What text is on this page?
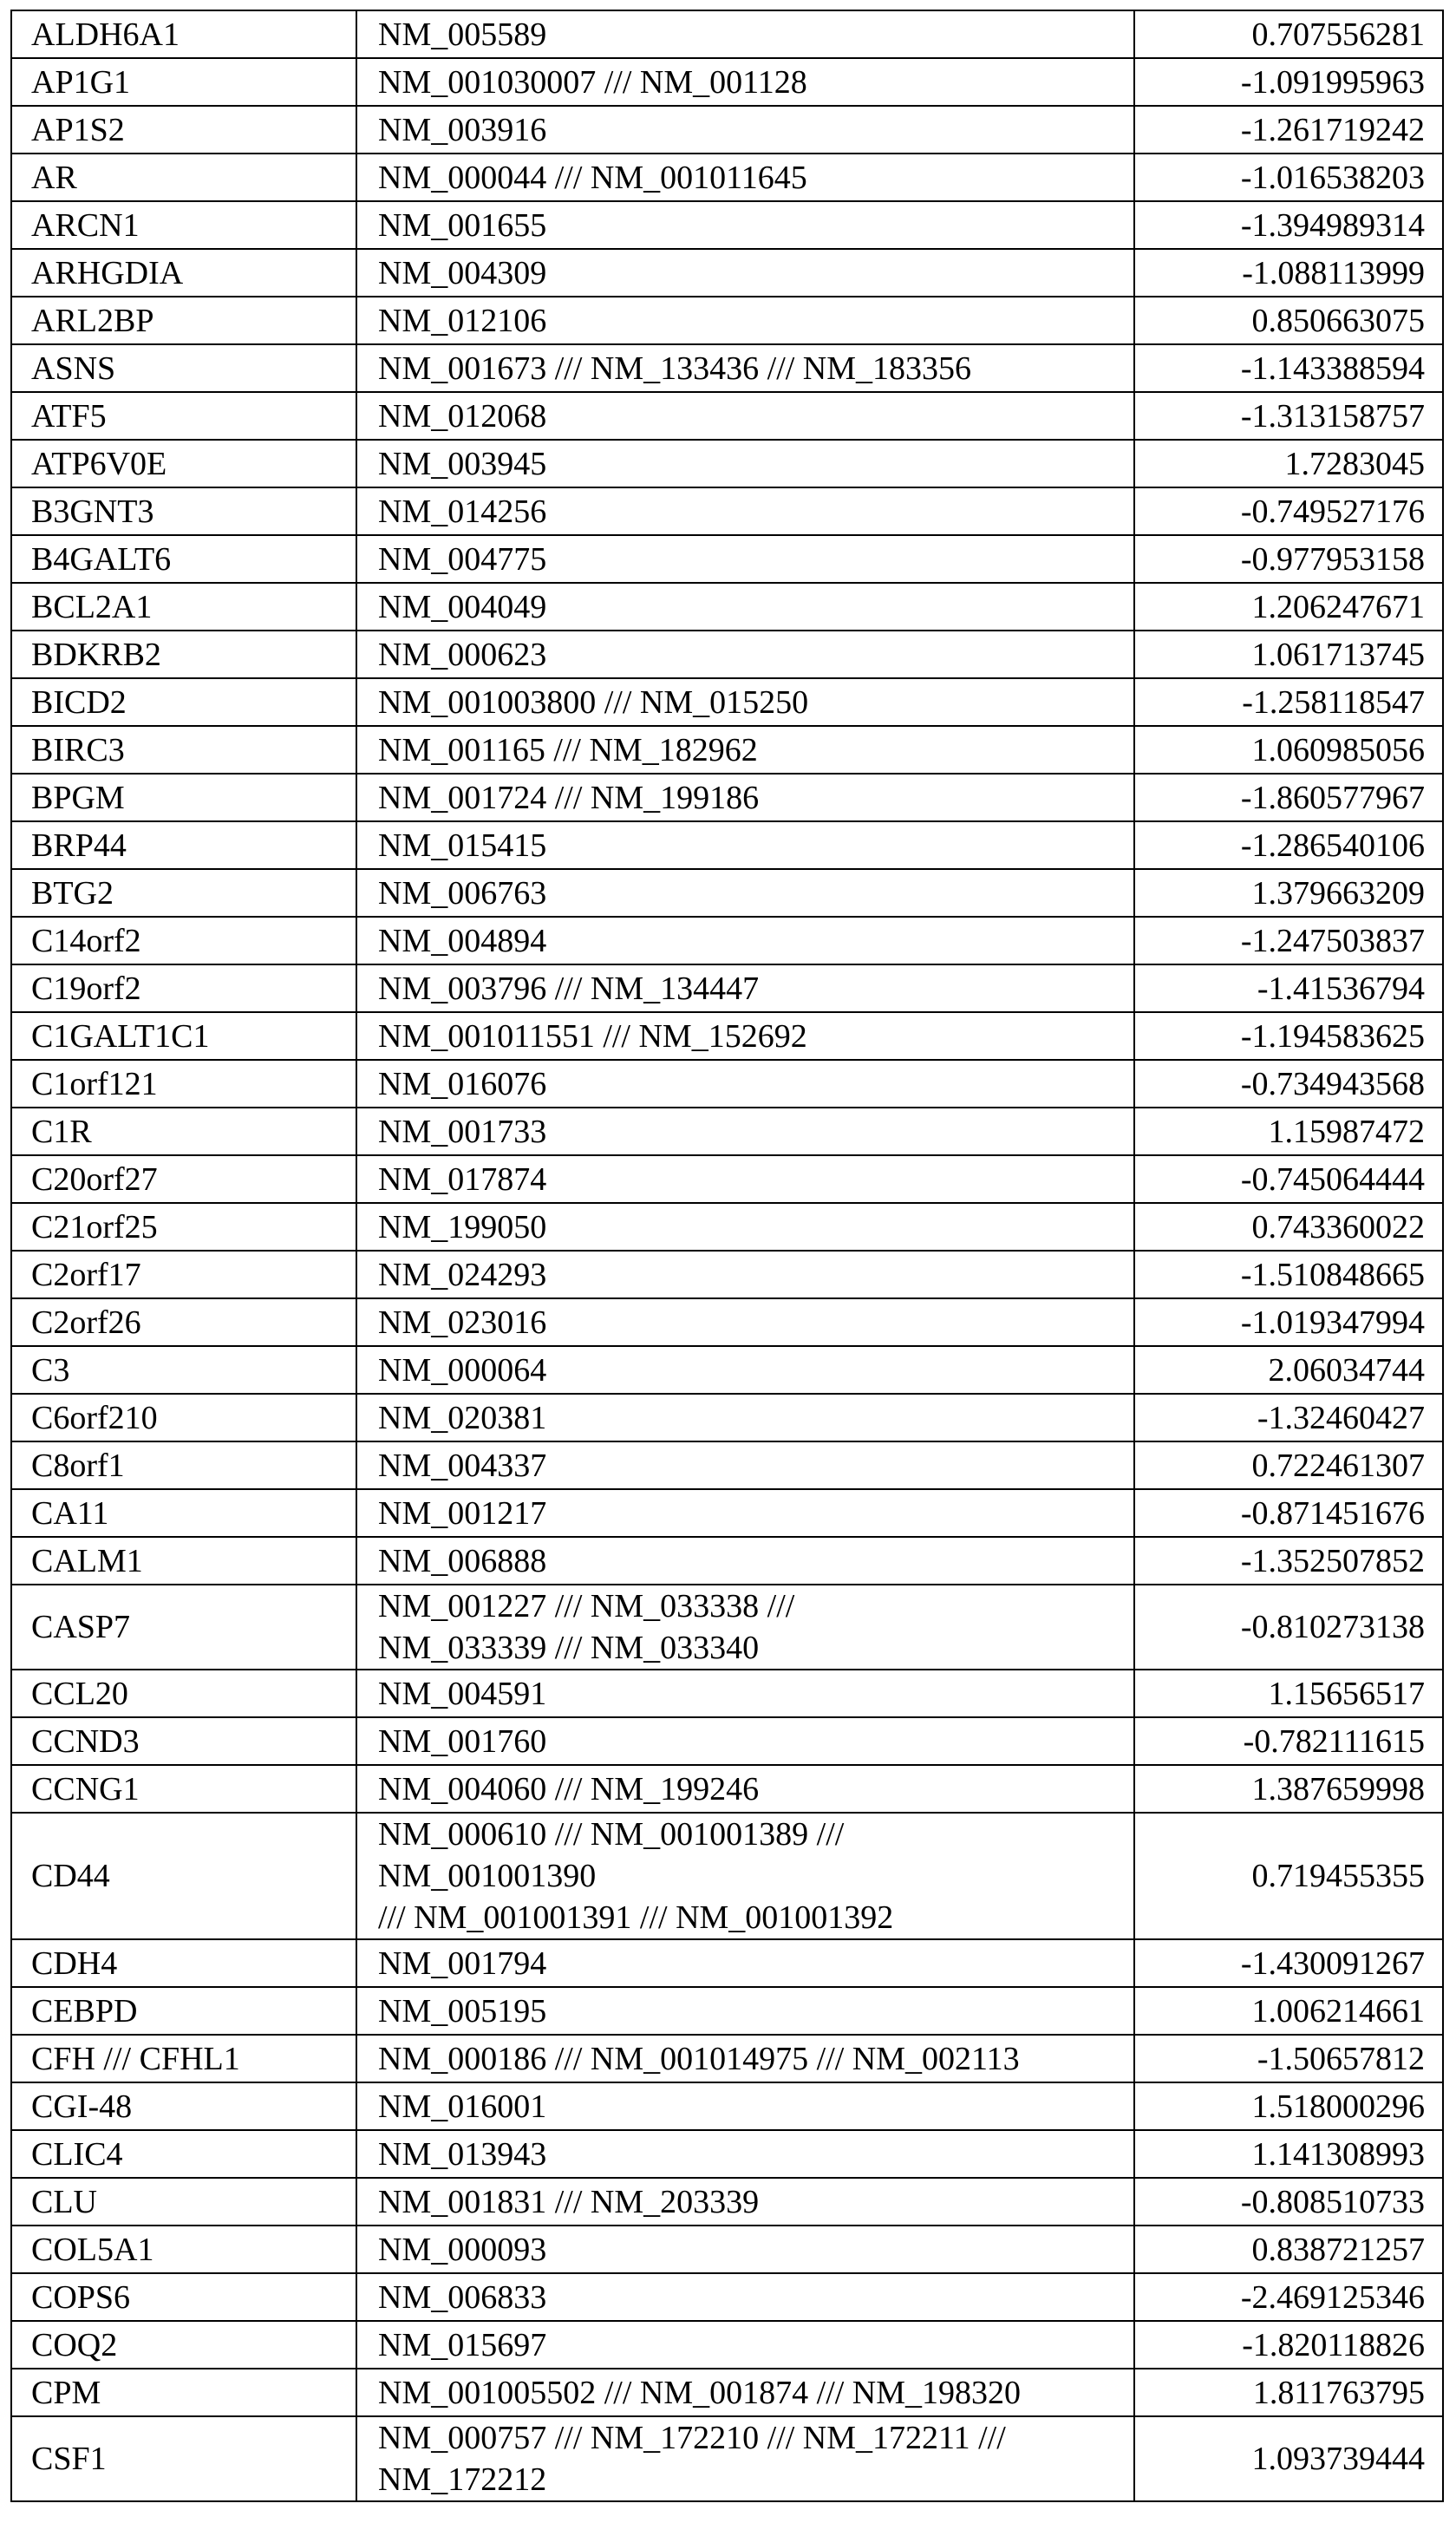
ALDH6A1	NM_005589	0.707556281
AP1G1	NM_001030007 /// NM_001128	-1.091995963
AP1S2	NM_003916	-1.261719242
AR	NM_000044 /// NM_001011645	-1.016538203
ARCN1	NM_001655	-1.394989314
ARHGDIA	NM_004309	-1.088113999
ARL2BP	NM_012106	0.850663075
ASNS	NM_001673 /// NM_133436 /// NM_183356	-1.143388594
ATF5	NM_012068	-1.313158757
ATP6V0E	NM_003945	1.7283045
B3GNT3	NM_014256	-0.749527176
B4GALT6	NM_004775	-0.977953158
BCL2A1	NM_004049	1.206247671
BDKRB2	NM_000623	1.061713745
BICD2	NM_001003800 /// NM_015250	-1.258118547
BIRC3	NM_001165 /// NM_182962	1.060985056
BPGM	NM_001724 /// NM_199186	-1.860577967
BRP44	NM_015415	-1.286540106
BTG2	NM_006763	1.379663209
C14orf2	NM_004894	-1.247503837
C19orf2	NM_003796 /// NM_134447	-1.41536794
C1GALT1C1	NM_001011551 /// NM_152692	-1.194583625
C1orf121	NM_016076	-0.734943568
C1R	NM_001733	1.15987472
C20orf27	NM_017874	-0.745064444
C21orf25	NM_199050	0.743360022
C2orf17	NM_024293	-1.510848665
C2orf26	NM_023016	-1.019347994
C3	NM_000064	2.06034744
C6orf210	NM_020381	-1.32460427
C8orf1	NM_004337	0.722461307
CA11	NM_001217	-0.871451676
CALM1	NM_006888	-1.352507852
CASP7	NM_001227 /// NM_033338 ///
NM_033339 /// NM_033340	-0.810273138
CCL20	NM_004591	1.15656517
CCND3	NM_001760	-0.782111615
CCNG1	NM_004060 /// NM_199246	1.387659998
CD44	NM_000610 /// NM_001001389 ///
NM_001001390
/// NM_001001391 /// NM_001001392	0.719455355
CDH4	NM_001794	-1.430091267
CEBPD	NM_005195	1.006214661
CFH /// CFHL1	NM_000186 /// NM_001014975 /// NM_002113	-1.50657812
CGI-48	NM_016001	1.518000296
CLIC4	NM_013943	1.141308993
CLU	NM_001831 /// NM_203339	-0.808510733
COL5A1	NM_000093	0.838721257
COPS6	NM_006833	-2.469125346
COQ2	NM_015697	-1.820118826
CPM	NM_001005502 /// NM_001874 /// NM_198320	1.811763795
CSF1	NM_000757 /// NM_172210 /// NM_172211 ///
NM_172212	1.093739444
